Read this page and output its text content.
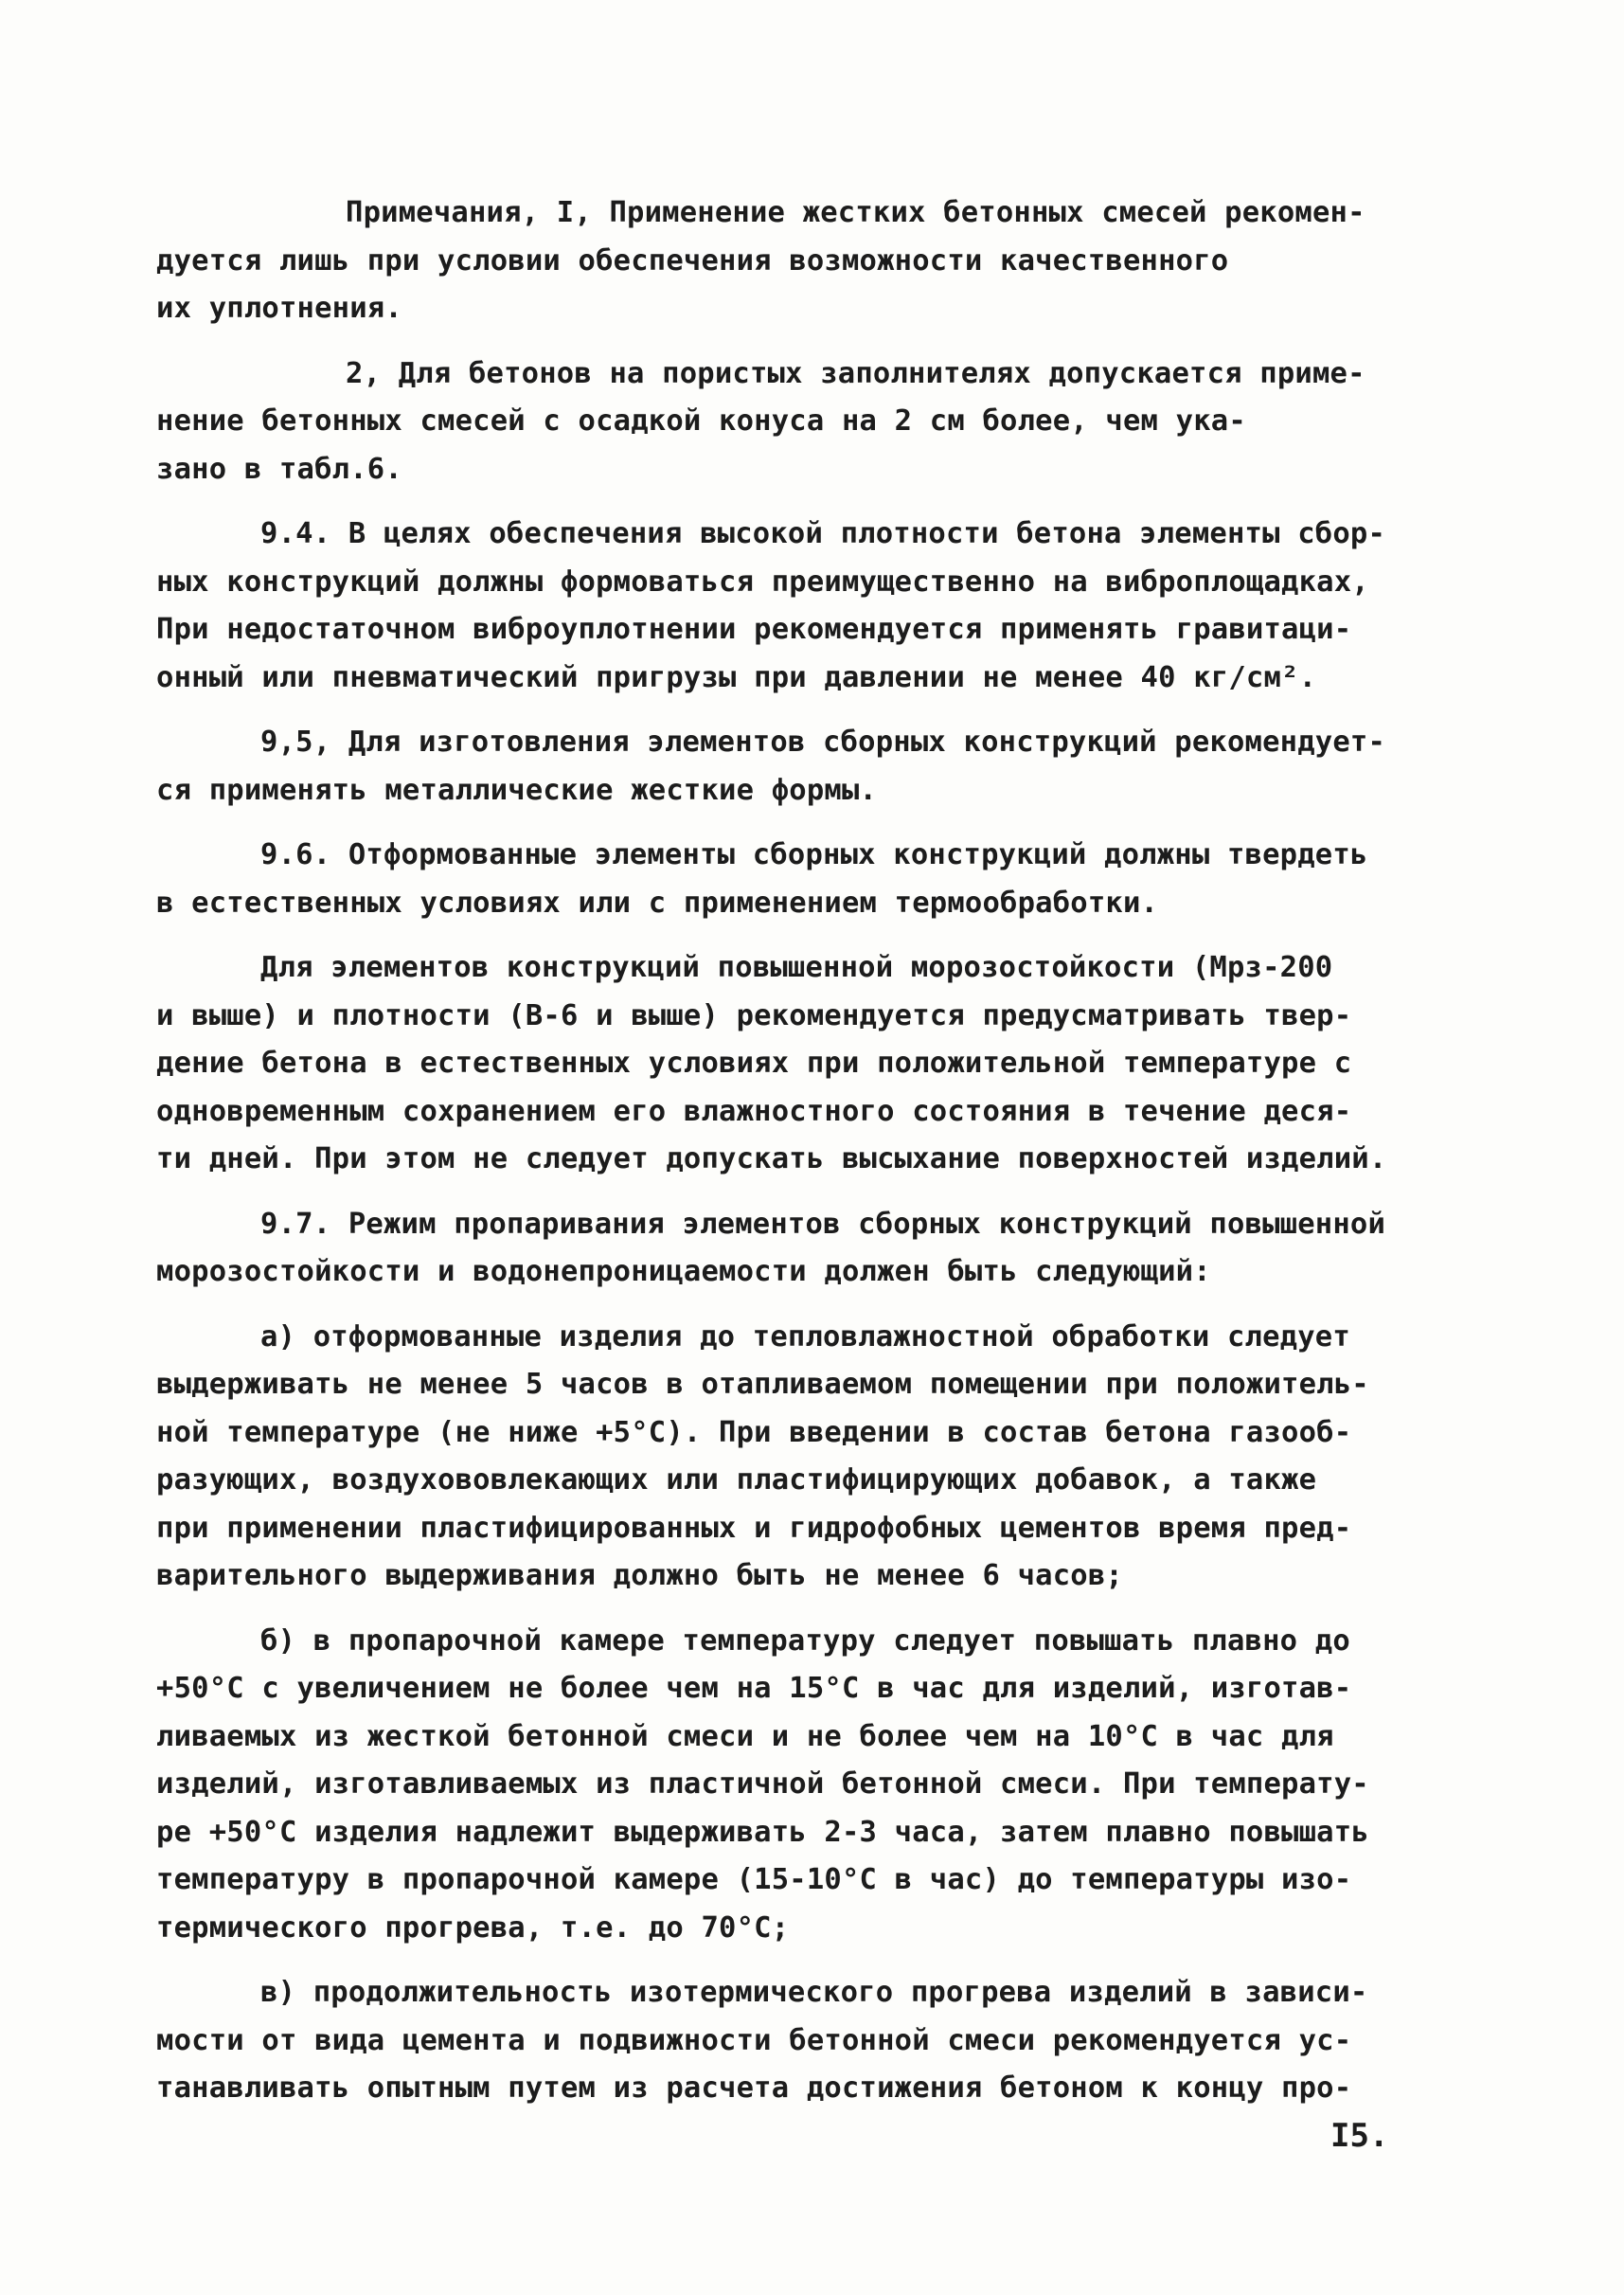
Примечания, I, Применение жестких бетонных смесей рекомен-
дуется лишь при условии обеспечения возможности качественного
их уплотнения.
2, Для бетонов на пористых заполнителях допускается приме-
нение бетонных смесей с осадкой конуса на 2 см более, чем ука-
зано в табл.6.
9.4. В целях обеспечения высокой плотности бетона элементы сбор-
ных конструкций должны формоваться преимущественно на виброплощадках,
При недостаточном виброуплотнении рекомендуется применять гравитаци-
онный или пневматический пригрузы при давлении не менее 40 кг/см².
9,5, Для изготовления элементов сборных конструкций рекомендует-
ся применять металлические жесткие формы.
9.6. Отформованные элементы сборных конструкций должны твердеть
в естественных условиях или с применением термообработки.
Для элементов конструкций повышенной морозостойкости (Мрз-200
и выше) и плотности (В-6 и выше) рекомендуется предусматривать твер-
дение бетона в естественных условиях при положительной температуре с
одновременным сохранением его влажностного состояния в течение деся-
ти дней. При этом не следует допускать высыхание поверхностей изделий.
9.7. Режим пропаривания элементов сборных конструкций повышенной
морозостойкости и водонепроницаемости должен быть следующий:
а) отформованные изделия до тепловлажностной обработки следует
выдерживать не менее 5 часов в отапливаемом помещении при положитель-
ной температуре (не ниже +5°С). При введении в состав бетона газооб-
разующих, воздухововлекающих или пластифицирующих добавок, а также
при применении пластифицированных и гидрофобных цементов время пред-
варительного выдерживания должно быть не менее 6 часов;
б) в пропарочной камере температуру следует повышать плавно до
+50°С с увеличением не более чем на 15°С в час для изделий, изготав-
ливаемых из жесткой бетонной смеси и не более чем на 10°С в час для
изделий, изготавливаемых из пластичной бетонной смеси. При температу-
ре +50°С изделия надлежит выдерживать 2-3 часа, затем плавно повышать
температуру в пропарочной камере (15-10°С в час) до температуры изо-
термического прогрева, т.е. до 70°С;
в) продолжительность изотермического прогрева изделий в зависи-
мости от вида цемента и подвижности бетонной смеси рекомендуется ус-
танавливать опытным путем из расчета достижения бетоном к концу про-
I5.
